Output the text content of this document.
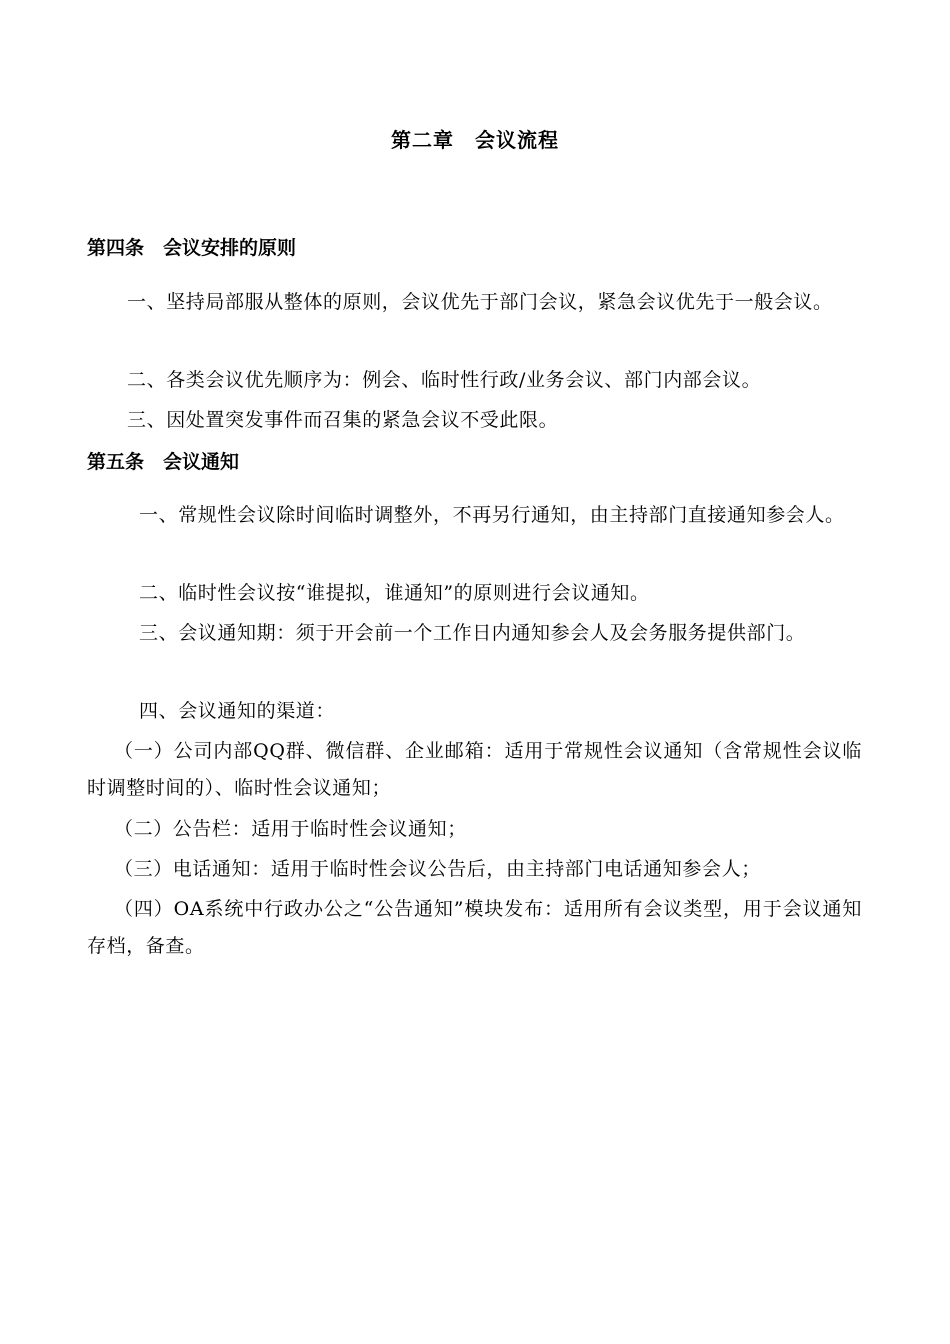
第二章　会议流程
第四条　会议安排的原则

一、坚持局部服从整体的原则，会议优先于部门会议，紧急会议优先于一般会议。

二、各类会议优先顺序为：例会、临时性行政/业务会议、部门内部会议。

三、因处置突发事件而召集的紧急会议不受此限。

第五条　会议通知

一、常规性会议除时间临时调整外，不再另行通知，由主持部门直接通知参会人。

二、临时性会议按“谁提拟，谁通知”的原则进行会议通知。

三、会议通知期：须于开会前一个工作日内通知参会人及会务服务提供部门。

四、会议通知的渠道：

（一）公司内部QQ群、微信群、企业邮箱：适用于常规性会议通知（含常规性会议临时调整时间的）、临时性会议通知；

（二）公告栏：适用于临时性会议通知；

（三）电话通知：适用于临时性会议公告后，由主持部门电话通知参会人；

（四）OA系统中行政办公之“公告通知”模块发布：适用所有会议类型，用于会议通知存档，备查。
